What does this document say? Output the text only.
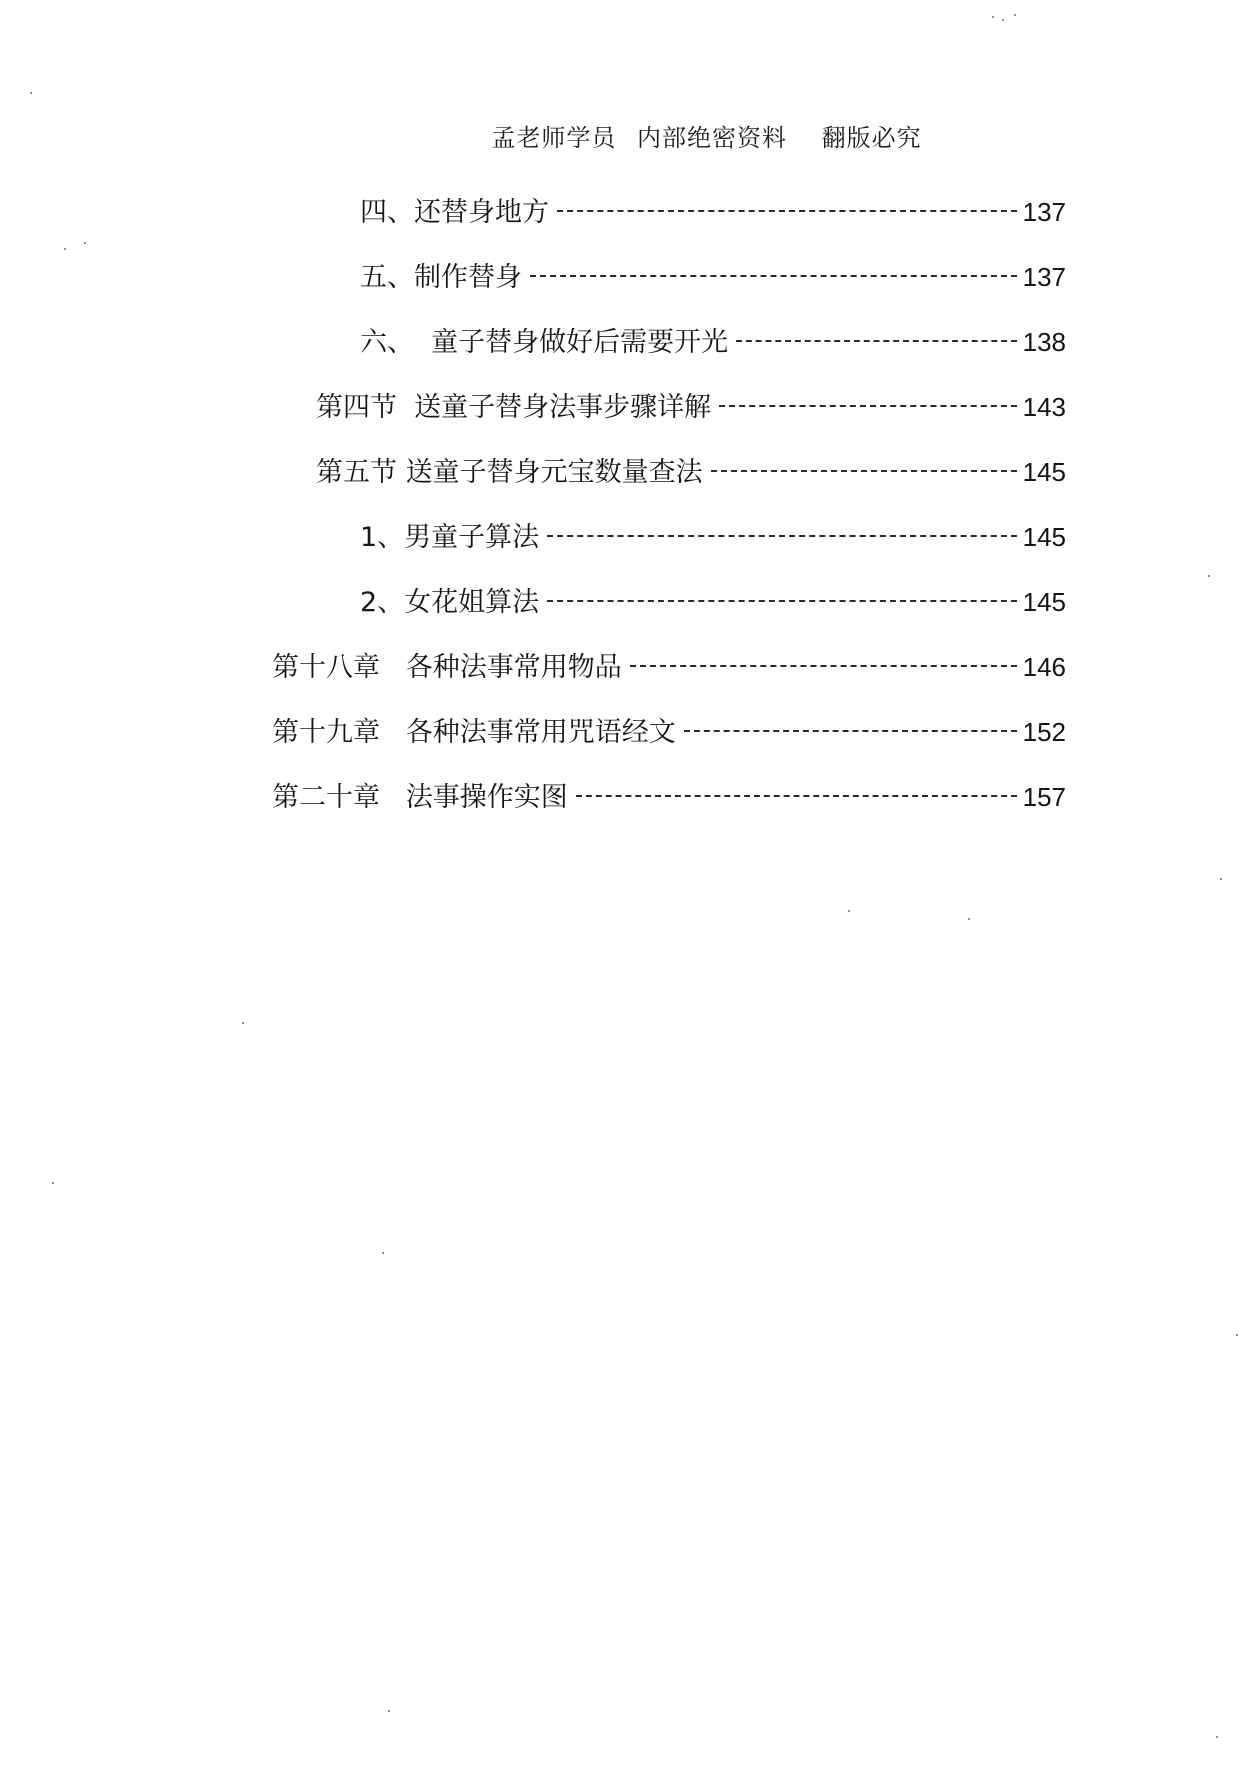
孟老师学员 内部绝密资料 翻版必究
四、还替身地方	137
五、制作替身	137
六、  童子替身做好后需要开光	138
第四节  送童子替身法事步骤详解	143
第五节 送童子替身元宝数量查法	145
1、男童子算法	145
2、女花姐算法	145
第十八章   各种法事常用物品	146
第十九章   各种法事常用咒语经文	152
第二十章   法事操作实图	157
